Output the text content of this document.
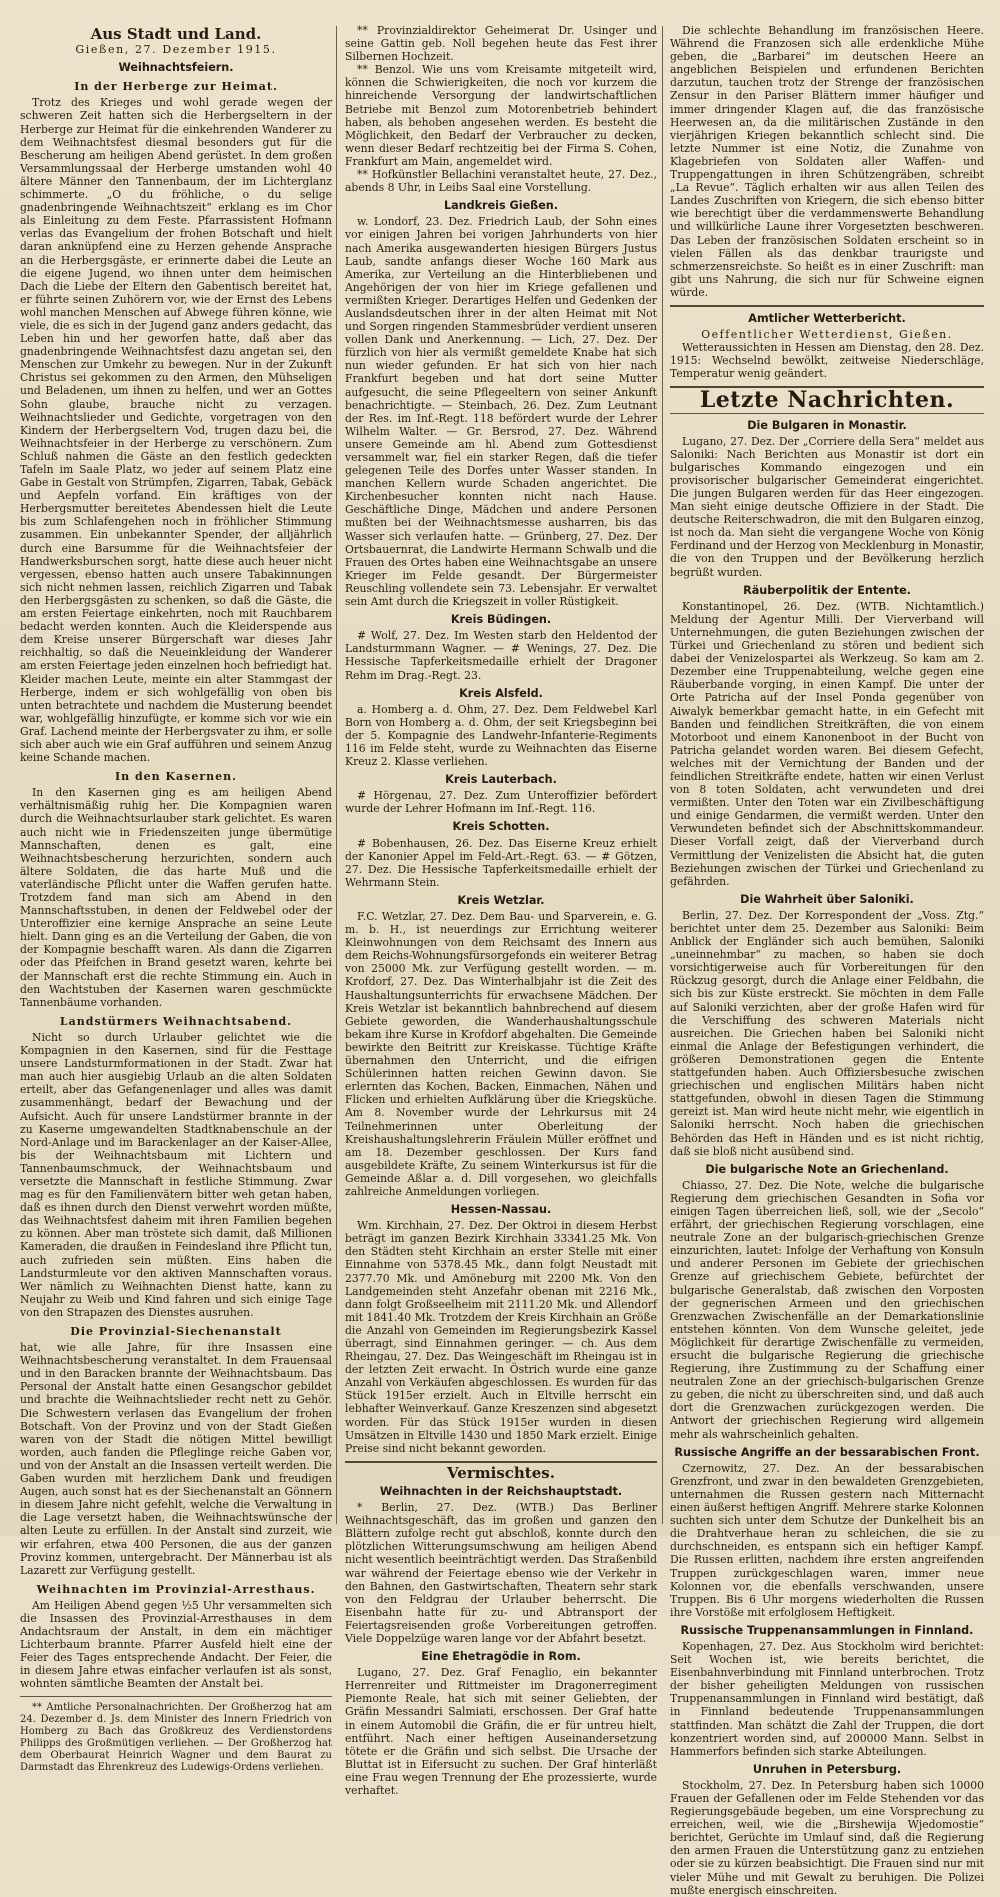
Aus Stadt und Land.
Gießen, 27. Dezember 1915.
Weihnachtsfeiern.
In der Herberge zur Heimat.

Trotz des Krieges und wohl gerade wegen der schweren Zeit hatten sich die Herbergseltern in der Herberge zur Heimat für die einkehrenden Wanderer zu dem Weihnachtsfest diesmal besonders gut für die Bescherung am heiligen Abend gerüstet. In dem großen Versammlungssaal der Herberge umstanden wohl 40 ältere Männer den Tannenbaum, der im Lichterglanz schimmerte. „O du fröhliche, o du selige gnadenbringende Weihnachtszeit“ erklang es im Chor als Einleitung zu dem Feste. Pfarrassistent Hofmann verlas das Evangelium der frohen Botschaft und hielt daran anknüpfend eine zu Herzen gehende Ansprache an die Herbergsgäste, er erinnerte dabei die Leute an die eigene Jugend, wo ihnen unter dem heimischen Dach die Liebe der Eltern den Gabentisch bereitet hat, er führte seinen Zuhörern vor, wie der Ernst des Lebens wohl manchen Menschen auf Abwege führen könne, wie viele, die es sich in der Jugend ganz anders gedacht, das Leben hin und her geworfen hatte, daß aber das gnadenbringende Weihnachtsfest dazu angetan sei, den Menschen zur Umkehr zu bewegen. Nur in der Zukunft Christus sei gekommen zu den Armen, den Mühseligen und Beladenen, um ihnen zu helfen, und wer an Gottes Sohn glaube, brauche nicht zu verzagen. Weihnachtslieder und Gedichte, vorgetragen von den Kindern der Herbergseltern Vod, trugen dazu bei, die Weihnachtsfeier in der Herberge zu verschönern. Zum Schluß nahmen die Gäste an den festlich gedeckten Tafeln im Saale Platz, wo jeder auf seinem Platz eine Gabe in Gestalt von Strümpfen, Zigarren, Tabak, Gebäck und Aepfeln vorfand. Ein kräftiges von der Herbergsmutter bereitetes Abendessen hielt die Leute bis zum Schlafengehen noch in fröhlicher Stimmung zusammen. Ein unbekannter Spender, der alljährlich durch eine Barsumme für die Weihnachtsfeier der Handwerksburschen sorgt, hatte diese auch heuer nicht vergessen, ebenso hatten auch unsere Tabakinnungen sich nicht nehmen lassen, reichlich Zigarren und Tabak den Herbergsgästen zu schenken, so daß die Gäste, die am ersten Feiertage einkehrten, noch mit Rauchbarem bedacht werden konnten. Auch die Kleiderspende aus dem Kreise unserer Bürgerschaft war dieses Jahr reichhaltig, so daß die Neueinkleidung der Wanderer am ersten Feiertage jeden einzelnen hoch befriedigt hat. Kleider machen Leute, meinte ein alter Stammgast der Herberge, indem er sich wohlgefällig von oben bis unten betrachtete und nachdem die Musterung beendet war, wohlgefällig hinzufügte, er komme sich vor wie ein Graf. Lachend meinte der Herbergsvater zu ihm, er solle sich aber auch wie ein Graf aufführen und seinem Anzug keine Schande machen.

In den Kasernen.

In den Kasernen ging es am heiligen Abend verhältnismäßig ruhig her. Die Kompagnien waren durch die Weihnachtsurlauber stark gelichtet. Es waren auch nicht wie in Friedenszeiten junge übermütige Mannschaften, denen es galt, eine Weihnachtsbescherung herzurichten, sondern auch ältere Soldaten, die das harte Muß und die vaterländische Pflicht unter die Waffen gerufen hatte. Trotzdem fand man sich am Abend in den Mannschaftsstuben, in denen der Feldwebel oder der Unteroffizier eine kernige Ansprache an seine Leute hielt. Dann ging es an die Verteilung der Gaben, die von der Kompagnie beschafft waren. Als dann die Zigarren oder das Pfeifchen in Brand gesetzt waren, kehrte bei der Mannschaft erst die rechte Stimmung ein. Auch in den Wachtstuben der Kasernen waren geschmückte Tannenbäume vorhanden.

Landstürmers Weihnachtsabend.

Nicht so durch Urlauber gelichtet wie die Kompagnien in den Kasernen, sind für die Festtage unsere Landsturmformationen in der Stadt. Zwar hat man auch hier ausgiebig Urlaub an die alten Soldaten erteilt, aber das Gefangenenlager und alles was damit zusammenhängt, bedarf der Bewachung und der Aufsicht. Auch für unsere Landstürmer brannte in der zu Kaserne umgewandelten Stadtknabenschule an der Nord-Anlage und im Barackenlager an der Kaiser-Allee, bis der Weihnachtsbaum mit Lichtern und Tannenbaumschmuck, der Weihnachtsbaum und versetzte die Mannschaft in festliche Stimmung. Zwar mag es für den Familienvätern bitter weh getan haben, daß es ihnen durch den Dienst verwehrt worden müßte, das Weihnachtsfest daheim mit ihren Familien begehen zu können. Aber man tröstete sich damit, daß Millionen Kameraden, die draußen in Feindesland ihre Pflicht tun, auch zufrieden sein müßten. Eins haben die Landsturmleute vor den aktiven Mannschaften voraus. Wer nämlich zu Weihnachten Dienst hatte, kann zu Neujahr zu Weib und Kind fahren und sich einige Tage von den Strapazen des Dienstes ausruhen.

Die Provinzial-Siechenanstalt

hat, wie alle Jahre, für ihre Insassen eine Weihnachtsbescherung veranstaltet. In dem Frauensaal und in den Baracken brannte der Weihnachtsbaum. Das Personal der Anstalt hatte einen Gesangschor gebildet und brachte die Weihnachtslieder recht nett zu Gehör. Die Schwestern verlasen das Evangelium der frohen Botschaft. Von der Provinz und von der Stadt Gießen waren von der Stadt die nötigen Mittel bewilligt worden, auch fanden die Pfleglinge reiche Gaben vor, und von der Anstalt an die Insassen verteilt werden. Die Gaben wurden mit herzlichem Dank und freudigen Augen, auch sonst hat es der Siechenanstalt an Gönnern in diesem Jahre nicht gefehlt, welche die Verwaltung in die Lage versetzt haben, die Weihnachtswünsche der alten Leute zu erfüllen. In der Anstalt sind zurzeit, wie wir erfahren, etwa 400 Personen, die aus der ganzen Provinz kommen, untergebracht. Der Männerbau ist als Lazarett zur Verfügung gestellt.

Weihnachten im Provinzial-Arresthaus.

Am Heiligen Abend gegen ½5 Uhr versammelten sich die Insassen des Provinzial-Arresthauses in dem Andachtsraum der Anstalt, in dem ein mächtiger Lichterbaum brannte. Pfarrer Ausfeld hielt eine der Feier des Tages entsprechende Andacht. Der Feier, die in diesem Jahre etwas einfacher verlaufen ist als sonst, wohnten sämtliche Beamten der Anstalt bei.

** Amtliche Personalnachrichten. Der Großherzog hat am 24. Dezember d. Js. dem Minister des Innern Friedrich von Homberg zu Bach das Großkreuz des Verdienstordens Philipps des Großmütigen verliehen. — Der Großherzog hat dem Oberbaurat Heinrich Wagner und dem Baurat zu Darmstadt das Ehrenkreuz des Ludewigs-Ordens verliehen.

** Provinzialdirektor Geheimerat Dr. Usinger und seine Gattin geb. Noll begehen heute das Fest ihrer Silbernen Hochzeit.

** Benzol. Wie uns vom Kreisamte mitgeteilt wird, können die Schwierigkeiten, die noch vor kurzem die hinreichende Versorgung der landwirtschaftlichen Betriebe mit Benzol zum Motorenbetrieb behindert haben, als behoben angesehen werden. Es besteht die Möglichkeit, den Bedarf der Verbraucher zu decken, wenn dieser Bedarf rechtzeitig bei der Firma S. Cohen, Frankfurt am Main, angemeldet wird.

** Hofkünstler Bellachini veranstaltet heute, 27. Dez., abends 8 Uhr, in Leibs Saal eine Vorstellung.

Landkreis Gießen.

w. Londorf, 23. Dez. Friedrich Laub, der Sohn eines vor einigen Jahren bei vorigen Jahrhunderts von hier nach Amerika ausgewanderten hiesigen Bürgers Justus Laub, sandte anfangs dieser Woche 160 Mark aus Amerika, zur Verteilung an die Hinterbliebenen und Angehörigen der von hier im Kriege gefallenen und vermißten Krieger. Derartiges Helfen und Gedenken der Auslandsdeutschen ihrer in der alten Heimat mit Not und Sorgen ringenden Stammesbrüder verdient unseren vollen Dank und Anerkennung. — Lich, 27. Dez. Der fürzlich von hier als vermißt gemeldete Knabe hat sich nun wieder gefunden. Er hat sich von hier nach Frankfurt begeben und hat dort seine Mutter aufgesucht, die seine Pflegeeltern von seiner Ankunft benachrichtigte. — Steinbach, 26. Dez. Zum Leutnant der Res. im Inf.-Regt. 118 befördert wurde der Lehrer Wilhelm Walter. — Gr. Bersrod, 27. Dez. Während unsere Gemeinde am hl. Abend zum Gottesdienst versammelt war, fiel ein starker Regen, daß die tiefer gelegenen Teile des Dorfes unter Wasser standen. In manchen Kellern wurde Schaden angerichtet. Die Kirchenbesucher konnten nicht nach Hause. Geschäftliche Dinge, Mädchen und andere Personen mußten bei der Weihnachtsmesse ausharren, bis das Wasser sich verlaufen hatte. — Grünberg, 27. Dez. Der Ortsbauernrat, die Landwirte Hermann Schwalb und die Frauen des Ortes haben eine Weihnachtsgabe an unsere Krieger im Felde gesandt. Der Bürgermeister Reuschling vollendete sein 73. Lebensjahr. Er verwaltet sein Amt durch die Kriegszeit in voller Rüstigkeit.

Kreis Büdingen.

# Wolf, 27. Dez. Im Westen starb den Heldentod der Landsturmmann Wagner. — # Wenings, 27. Dez. Die Hessische Tapferkeitsmedaille erhielt der Dragoner Rehm im Drag.-Regt. 23.

Kreis Alsfeld.

a. Homberg a. d. Ohm, 27. Dez. Dem Feldwebel Karl Born von Homberg a. d. Ohm, der seit Kriegsbeginn bei der 5. Kompagnie des Landwehr-Infanterie-Regiments 116 im Felde steht, wurde zu Weihnachten das Eiserne Kreuz 2. Klasse verliehen.

Kreis Lauterbach.

# Hörgenau, 27. Dez. Zum Unteroffizier befördert wurde der Lehrer Hofmann im Inf.-Regt. 116.

Kreis Schotten.

# Bobenhausen, 26. Dez. Das Eiserne Kreuz erhielt der Kanonier Appel im Feld-Art.-Regt. 63. — # Götzen, 27. Dez. Die Hessische Tapferkeitsmedaille erhielt der Wehrmann Stein.

Kreis Wetzlar.

F.C. Wetzlar, 27. Dez. Dem Bau- und Sparverein, e. G. m. b. H., ist neuerdings zur Errichtung weiterer Kleinwohnungen von dem Reichsamt des Innern aus dem Reichs-Wohnungsfürsorgefonds ein weiterer Betrag von 25000 Mk. zur Verfügung gestellt worden. — m. Krofdorf, 27. Dez. Das Winterhalbjahr ist die Zeit des Haushaltungsunterrichts für erwachsene Mädchen. Der Kreis Wetzlar ist bekanntlich bahnbrechend auf diesem Gebiete geworden, die Wanderhaushaltungsschule bekam ihre Kurse in Krofdorf abgehalten. Die Gemeinde bewirkte den Beitritt zur Kreiskasse. Tüchtige Kräfte übernahmen den Unterricht, und die eifrigen Schülerinnen hatten reichen Gewinn davon. Sie erlernten das Kochen, Backen, Einmachen, Nähen und Flicken und erhielten Aufklärung über die Kriegsküche. Am 8. November wurde der Lehrkursus mit 24 Teilnehmerinnen unter Oberleitung der Kreishaushaltungslehrerin Fräulein Müller eröffnet und am 18. Dezember geschlossen. Der Kurs fand ausgebildete Kräfte, Zu seinem Winterkursus ist für die Gemeinde Aßlar a. d. Dill vorgesehen, wo gleichfalls zahlreiche Anmeldungen vorliegen.

Hessen-Nassau.

Wm. Kirchhain, 27. Dez. Der Oktroi in diesem Herbst beträgt im ganzen Bezirk Kirchhain 33341.25 Mk. Von den Städten steht Kirchhain an erster Stelle mit einer Einnahme von 5378.45 Mk., dann folgt Neustadt mit 2377.70 Mk. und Amöneburg mit 2200 Mk. Von den Landgemeinden steht Anzefahr obenan mit 2216 Mk., dann folgt Großseelheim mit 2111.20 Mk. und Allendorf mit 1841.40 Mk. Trotzdem der Kreis Kirchhain an Größe die Anzahl von Gemeinden im Regierungsbezirk Kassel überragt, sind Einnahmen geringer. — ch. Aus dem Rheingau, 27. Dez. Das Weingeschäft im Rheingau ist in der letzten Zeit erwacht. In Östrich wurde eine ganze Anzahl von Verkäufen abgeschlossen. Es wurden für das Stück 1915er erzielt. Auch in Eltville herrscht ein lebhafter Weinverkauf. Ganze Kreszenzen sind abgesetzt worden. Für das Stück 1915er wurden in diesen Umsätzen in Eltville 1430 und 1850 Mark erzielt. Einige Preise sind nicht bekannt geworden.

Vermischtes.
Weihnachten in der Reichshauptstadt.

* Berlin, 27. Dez. (WTB.) Das Berliner Weihnachtsgeschäft, das im großen und ganzen den Blättern zufolge recht gut abschloß, konnte durch den plötzlichen Witterungsumschwung am heiligen Abend nicht wesentlich beeinträchtigt werden. Das Straßenbild war während der Feiertage ebenso wie der Verkehr in den Bahnen, den Gastwirtschaften, Theatern sehr stark von den Feldgrau der Urlauber beherrscht. Die Eisenbahn hatte für zu- und Abtransport der Feiertagsreisenden große Vorbereitungen getroffen. Viele Doppelzüge waren lange vor der Abfahrt besetzt.

Eine Ehetragödie in Rom.

Lugano, 27. Dez. Graf Fenaglio, ein bekannter Herrenreiter und Rittmeister im Dragonerregiment Piemonte Reale, hat sich mit seiner Geliebten, der Gräfin Messandri Salmiati, erschossen. Der Graf hatte in einem Automobil die Gräfin, die er für untreu hielt, entführt. Nach einer heftigen Auseinandersetzung tötete er die Gräfin und sich selbst. Die Ursache der Bluttat ist in Eifersucht zu suchen. Der Graf hinterläßt eine Frau wegen Trennung der Ehe prozessierte, wurde verhaftet.

Die schlechte Behandlung im französischen Heere. Während die Franzosen sich alle erdenkliche Mühe geben, die „Barbarei“ im deutschen Heere an angeblichen Beispielen und erfundenen Berichten darzutun, tauchen trotz der Strenge der französischen Zensur in den Pariser Blättern immer häufiger und immer dringender Klagen auf, die das französische Heerwesen an, da die militärischen Zustände in den vierjährigen Kriegen bekanntlich schlecht sind. Die letzte Nummer ist eine Notiz, die Zunahme von Klagebriefen von Soldaten aller Waffen- und Truppengattungen in ihren Schützengräben, schreibt „La Revue“. Täglich erhalten wir aus allen Teilen des Landes Zuschriften von Kriegern, die sich ebenso bitter wie berechtigt über die verdammenswerte Behandlung und willkürliche Laune ihrer Vorgesetzten beschweren. Das Leben der französischen Soldaten erscheint so in vielen Fällen als das denkbar traurigste und schmerzensreichste. So heißt es in einer Zuschrift: man gibt uns Nahrung, die sich nur für Schweine eignen würde.

Amtlicher Wetterbericht.
Oeffentlicher Wetterdienst, Gießen.

Wetteraussichten in Hessen am Dienstag, den 28. Dez. 1915: Wechselnd bewölkt, zeitweise Niederschläge, Temperatur wenig geändert.

Letzte Nachrichten.
Die Bulgaren in Monastir.

Lugano, 27. Dez. Der „Corriere della Sera“ meldet aus Saloniki: Nach Berichten aus Monastir ist dort ein bulgarisches Kommando eingezogen und ein provisorischer bulgarischer Gemeinderat eingerichtet. Die jungen Bulgaren werden für das Heer eingezogen. Man sieht einige deutsche Offiziere in der Stadt. Die deutsche Reiterschwadron, die mit den Bulgaren einzog, ist noch da. Man sieht die vergangene Woche von König Ferdinand und der Herzog von Mecklenburg in Monastir, die von den Truppen und der Bevölkerung herzlich begrüßt wurden.

Räuberpolitik der Entente.

Konstantinopel, 26. Dez. (WTB. Nichtamtlich.) Meldung der Agentur Milli. Der Vierverband will Unternehmungen, die guten Beziehungen zwischen der Türkei und Griechenland zu stören und bedient sich dabei der Venizelospartei als Werkzeug. So kam am 2. Dezember eine Truppenabteilung, welche gegen eine Räuberbande vorging, in einen Kampf. Die unter der Orte Patricha auf der Insel Ponda gegenüber von Aiwalyk bemerkbar gemacht hatte, in ein Gefecht mit Banden und feindlichen Streitkräften, die von einem Motorboot und einem Kanonenboot in der Bucht von Patricha gelandet worden waren. Bei diesem Gefecht, welches mit der Vernichtung der Banden und der feindlichen Streitkräfte endete, hatten wir einen Verlust von 8 toten Soldaten, acht verwundeten und drei vermißten. Unter den Toten war ein Zivilbeschäftigung und einige Gendarmen, die vermißt werden. Unter den Verwundeten befindet sich der Abschnittskommandeur. Dieser Vorfall zeigt, daß der Vierverband durch Vermittlung der Venizelisten die Absicht hat, die guten Beziehungen zwischen der Türkei und Griechenland zu gefährden.

Die Wahrheit über Saloniki.

Berlin, 27. Dez. Der Korrespondent der „Voss. Ztg.“ berichtet unter dem 25. Dezember aus Saloniki: Beim Anblick der Engländer sich auch bemühen, Saloniki „uneinnehmbar“ zu machen, so haben sie doch vorsichtigerweise auch für Vorbereitungen für den Rückzug gesorgt, durch die Anlage einer Feldbahn, die sich bis zur Küste erstreckt. Sie möchten in dem Falle auf Saloniki verzichten, aber der große Hafen wird für die Verschiffung des schweren Materials nicht ausreichen. Die Griechen haben bei Saloniki nicht einmal die Anlage der Befestigungen verhindert, die größeren Demonstrationen gegen die Entente stattgefunden haben. Auch Offiziersbesuche zwischen griechischen und englischen Militärs haben nicht stattgefunden, obwohl in diesen Tagen die Stimmung gereizt ist. Man wird heute nicht mehr, wie eigentlich in Saloniki herrscht. Noch haben die griechischen Behörden das Heft in Händen und es ist nicht richtig, daß sie bloß nicht ausübend sind.

Die bulgarische Note an Griechenland.

Chiasso, 27. Dez. Die Note, welche die bulgarische Regierung dem griechischen Gesandten in Sofia vor einigen Tagen überreichen ließ, soll, wie der „Secolo“ erfährt, der griechischen Regierung vorschlagen, eine neutrale Zone an der bulgarisch-griechischen Grenze einzurichten, lautet: Infolge der Verhaftung von Konsuln und anderer Personen im Gebiete der griechischen Grenze auf griechischem Gebiete, befürchtet der bulgarische Generalstab, daß zwischen den Vorposten der gegnerischen Armeen und den griechischen Grenzwachen Zwischenfälle an der Demarkationslinie entstehen könnten. Von dem Wunsche geleitet, jede Möglichkeit für derartige Zwischenfälle zu vermeiden, ersucht die bulgarische Regierung die griechische Regierung, ihre Zustimmung zu der Schaffung einer neutralen Zone an der griechisch-bulgarischen Grenze zu geben, die nicht zu überschreiten sind, und daß auch dort die Grenzwachen zurückgezogen werden. Die Antwort der griechischen Regierung wird allgemein mehr als wahrscheinlich gehalten.

Russische Angriffe an der bessarabischen Front.

Czernowitz, 27. Dez. An der bessarabischen Grenzfront, und zwar in den bewaldeten Grenzgebieten, unternahmen die Russen gestern nach Mitternacht einen äußerst heftigen Angriff. Mehrere starke Kolonnen suchten sich unter dem Schutze der Dunkelheit bis an die Drahtverhaue heran zu schleichen, die sie zu durchschneiden, es entspann sich ein heftiger Kampf. Die Russen erlitten, nachdem ihre ersten angreifenden Truppen zurückgeschlagen waren, immer neue Kolonnen vor, die ebenfalls verschwanden, unsere Truppen. Bis 6 Uhr morgens wiederholten die Russen ihre Vorstöße mit erfolglosem Heftigkeit.

Russische Truppenansammlungen in Finnland.

Kopenhagen, 27. Dez. Aus Stockholm wird berichtet: Seit Wochen ist, wie bereits berichtet, die Eisenbahnverbindung mit Finnland unterbrochen. Trotz der bisher geheiligten Meldungen von russischen Truppenansammlungen in Finnland wird bestätigt, daß in Finnland bedeutende Truppenansammlungen stattfinden. Man schätzt die Zahl der Truppen, die dort konzentriert worden sind, auf 200000 Mann. Selbst in Hammerfors befinden sich starke Abteilungen.

Unruhen in Petersburg.

Stockholm, 27. Dez. In Petersburg haben sich 10000 Frauen der Gefallenen oder im Felde Stehenden vor das Regierungsgebäude begeben, um eine Vorsprechung zu erreichen, weil, wie die „Birshewija Wjedomostie“ berichtet, Gerüchte im Umlauf sind, daß die Regierung den armen Frauen die Unterstützung ganz zu entziehen oder sie zu kürzen beabsichtigt. Die Frauen sind nur mit vieler Mühe und mit Gewalt zu beruhigen. Die Polizei mußte energisch einschreiten.
